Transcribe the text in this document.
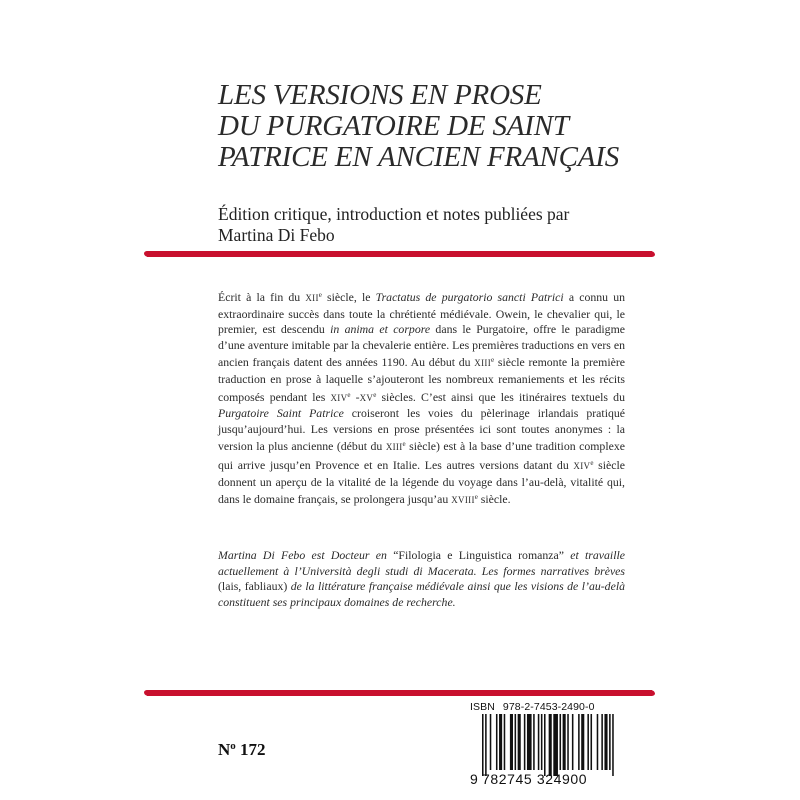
LES VERSIONS EN PROSE
DU PURGATOIRE DE SAINT
PATRICE EN ANCIEN FRANÇAIS
Édition critique, introduction et notes publiées par
Martina Di Febo

Écrit à la fin du XIIe siècle, le Tractatus de purgatorio sancti Patrici a connu un extraordinaire succès dans toute la chrétienté médiévale. Owein, le chevalier qui, le premier, est descendu in anima et corpore dans le Purgatoire, offre le paradigme d’une aventure imitable par la chevalerie entière. Les premières traductions en vers en ancien français datent des années 1190. Au début du XIIIe siècle remonte la première traduction en prose à laquelle s’ajouteront les nombreux remaniements et les récits composés pendant les XIVe -XVe siècles. C’est ainsi que les itinéraires textuels du Purgatoire Saint Patrice croiseront les voies du pèlerinage irlandais pratiqué jusqu’aujourd’hui. Les versions en prose présentées ici sont toutes anonymes : la version la plus ancienne (début du XIIIe siècle) est à la base d’une tradition complexe qui arrive jusqu’en Provence et en Italie. Les autres versions datant du XIVe siècle donnent un aperçu de la vitalité de la légende du voyage dans l’au-delà, vitalité qui, dans le domaine français, se prolongera jusqu’au XVIIIe siècle.

Martina Di Febo est Docteur en “Filologia e Linguistica romanza” et travaille actuellement à l’Università degli studi di Macerata. Les formes narratives brèves (lais, fabliaux) de la littérature française médiévale ainsi que les visions de l’au-delà constituent ses principaux domaines de recherche.
$N^o$ 172
ISBN 978-2-7453-2490-0
9 782745 324900
